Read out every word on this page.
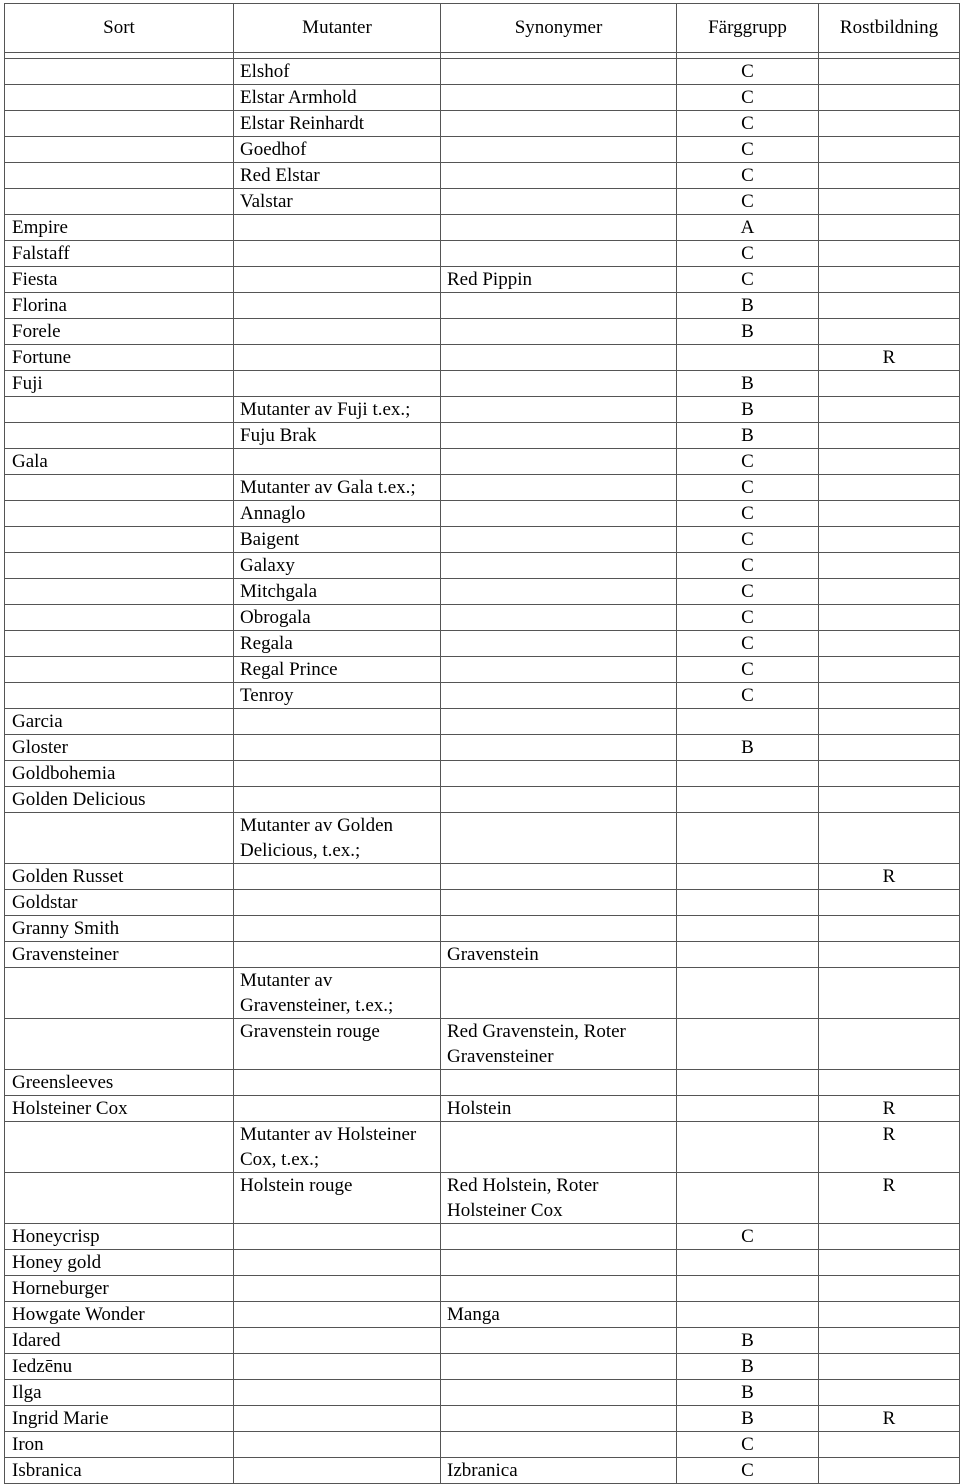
Sort	Mutanter	Synonymer	Färggrupp	Rostbildning

	Elshof		C	
	Elstar Armhold		C	
	Elstar Reinhardt		C	
	Goedhof		C	
	Red Elstar		C	
	Valstar		C	
Empire			A	
Falstaff			C	
Fiesta		Red Pippin	C	
Florina			B	
Forele			B	
Fortune				R
Fuji			B	
	Mutanter av Fuji t.ex.;		B	
	Fuju Brak		B	
Gala			C	
	Mutanter av Gala t.ex.;		C	
	Annaglo		C	
	Baigent		C	
	Galaxy		C	
	Mitchgala		C	
	Obrogala		C	
	Regala		C	
	Regal Prince		C	
	Tenroy		C	
Garcia				
Gloster			B	
Goldbohemia				
Golden Delicious				
	Mutanter av Golden Delicious, t.ex.;			
Golden Russet				R
Goldstar				
Granny Smith				
Gravensteiner		Gravenstein		
	Mutanter av Gravensteiner, t.ex.;			
	Gravenstein rouge	Red Gravenstein, Roter Gravensteiner		
Greensleeves				
Holsteiner Cox		Holstein		R
	Mutanter av Holsteiner Cox, t.ex.;			R
	Holstein rouge	Red Holstein, Roter Holsteiner Cox		R
Honeycrisp			C	
Honey gold				
Horneburger				
Howgate Wonder		Manga		
Idared			B	
Iedzēnu			B	
Ilga			B	
Ingrid Marie			B	R
Iron			C	
Isbranica		Izbranica	C	
